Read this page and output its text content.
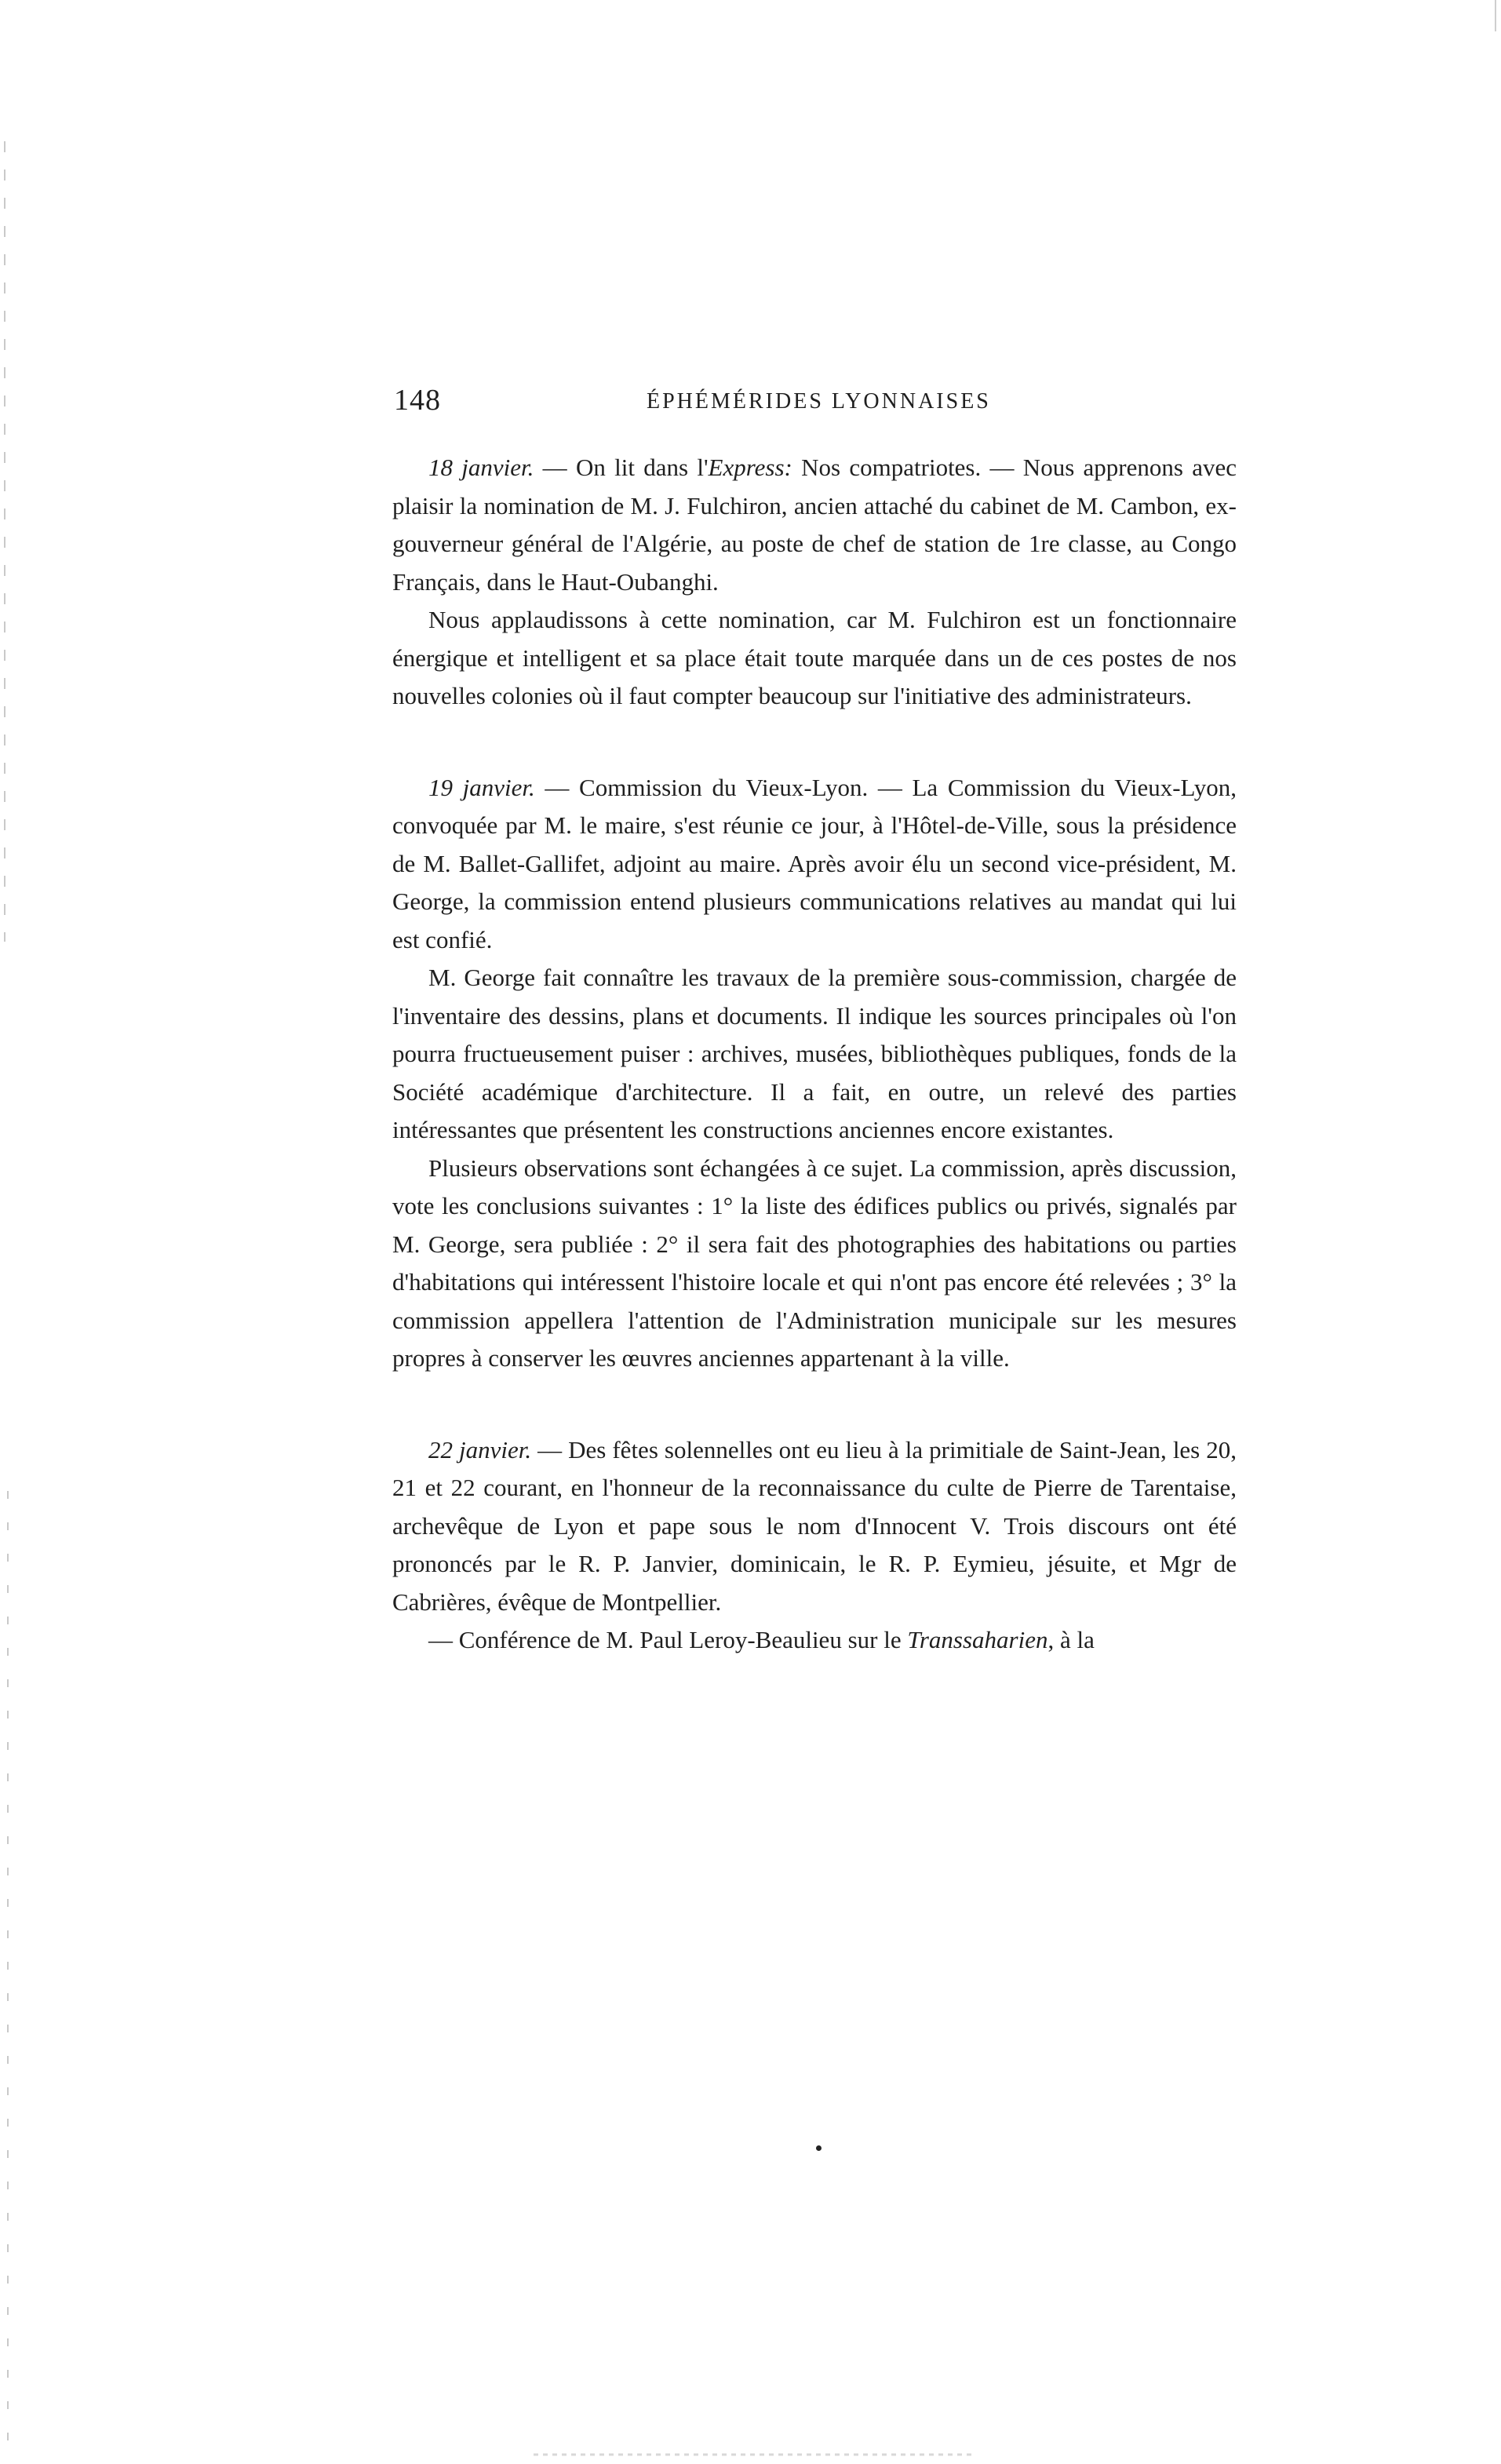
148	ÉPHÉMÉRIDES LYONNAISES

18 janvier. — On lit dans l'Express: Nos compatriotes. — Nous apprenons avec plaisir la nomination de M. J. Fulchiron, ancien attaché du cabinet de M. Cambon, ex-gouverneur général de l'Algérie, au poste de chef de station de 1re classe, au Congo Français, dans le Haut-Oubanghi.

Nous applaudissons à cette nomination, car M. Fulchiron est un fonctionnaire énergique et intelligent et sa place était toute marquée dans un de ces postes de nos nouvelles colonies où il faut compter beaucoup sur l'initiative des administrateurs.

19 janvier. — Commission du Vieux-Lyon. — La Commission du Vieux-Lyon, convoquée par M. le maire, s'est réunie ce jour, à l'Hôtel-de-Ville, sous la présidence de M. Ballet-Gallifet, adjoint au maire. Après avoir élu un second vice-président, M. George, la commission entend plusieurs communications relatives au mandat qui lui est confié.

M. George fait connaître les travaux de la première sous-commission, chargée de l'inventaire des dessins, plans et documents. Il indique les sources principales où l'on pourra fructueusement puiser : archives, musées, bibliothèques publiques, fonds de la Société académique d'architecture. Il a fait, en outre, un relevé des parties intéressantes que présentent les constructions anciennes encore existantes.

Plusieurs observations sont échangées à ce sujet. La commission, après discussion, vote les conclusions suivantes : 1° la liste des édifices publics ou privés, signalés par M. George, sera publiée : 2° il sera fait des photographies des habitations ou parties d'habitations qui intéressent l'histoire locale et qui n'ont pas encore été relevées ; 3° la commission appellera l'attention de l'Administration municipale sur les mesures propres à conserver les œuvres anciennes appartenant à la ville.

22 janvier. — Des fêtes solennelles ont eu lieu à la primitiale de Saint-Jean, les 20, 21 et 22 courant, en l'honneur de la reconnaissance du culte de Pierre de Tarentaise, archevêque de Lyon et pape sous le nom d'Innocent V. Trois discours ont été prononcés par le R. P. Janvier, dominicain, le R. P. Eymieu, jésuite, et Mgr de Cabrières, évêque de Montpellier.

— Conférence de M. Paul Leroy-Beaulieu sur le Transsaharien, à la
